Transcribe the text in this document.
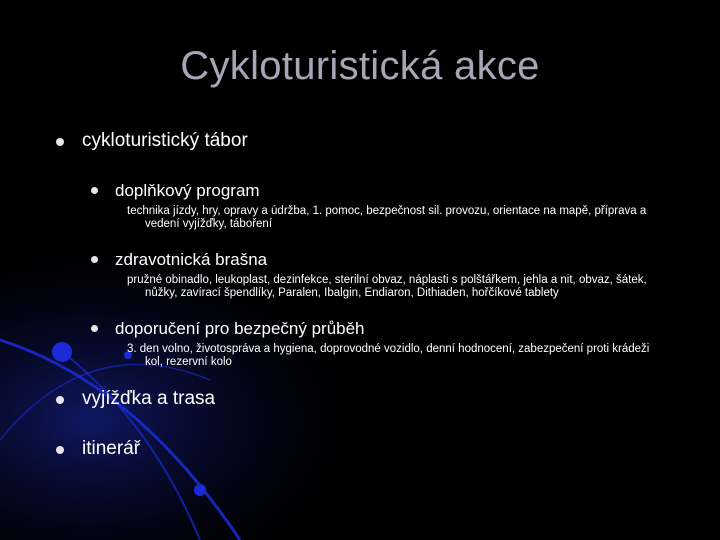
Cykloturistická akce
cykloturistický tábor
doplňkový program
technika jízdy, hry, opravy a údržba, 1. pomoc, bezpečnost sil. provozu, orientace na mapě, příprava a
vedení vyjížďky, táboření
zdravotnická brašna
pružné obinadlo, leukoplast, dezinfekce, sterilní obvaz, náplasti s polštářkem, jehla a nit, obvaz, šátek,
nůžky, zavírací špendlíky, Paralen, Ibalgin, Endiaron, Dithiaden, hořčíkové tablety
doporučení pro bezpečný průběh
3. den volno, životospráva a hygiena, doprovodné vozidlo, denní hodnocení, zabezpečení proti krádeži
kol, rezervní kolo
vyjížďka a trasa
itinerář
